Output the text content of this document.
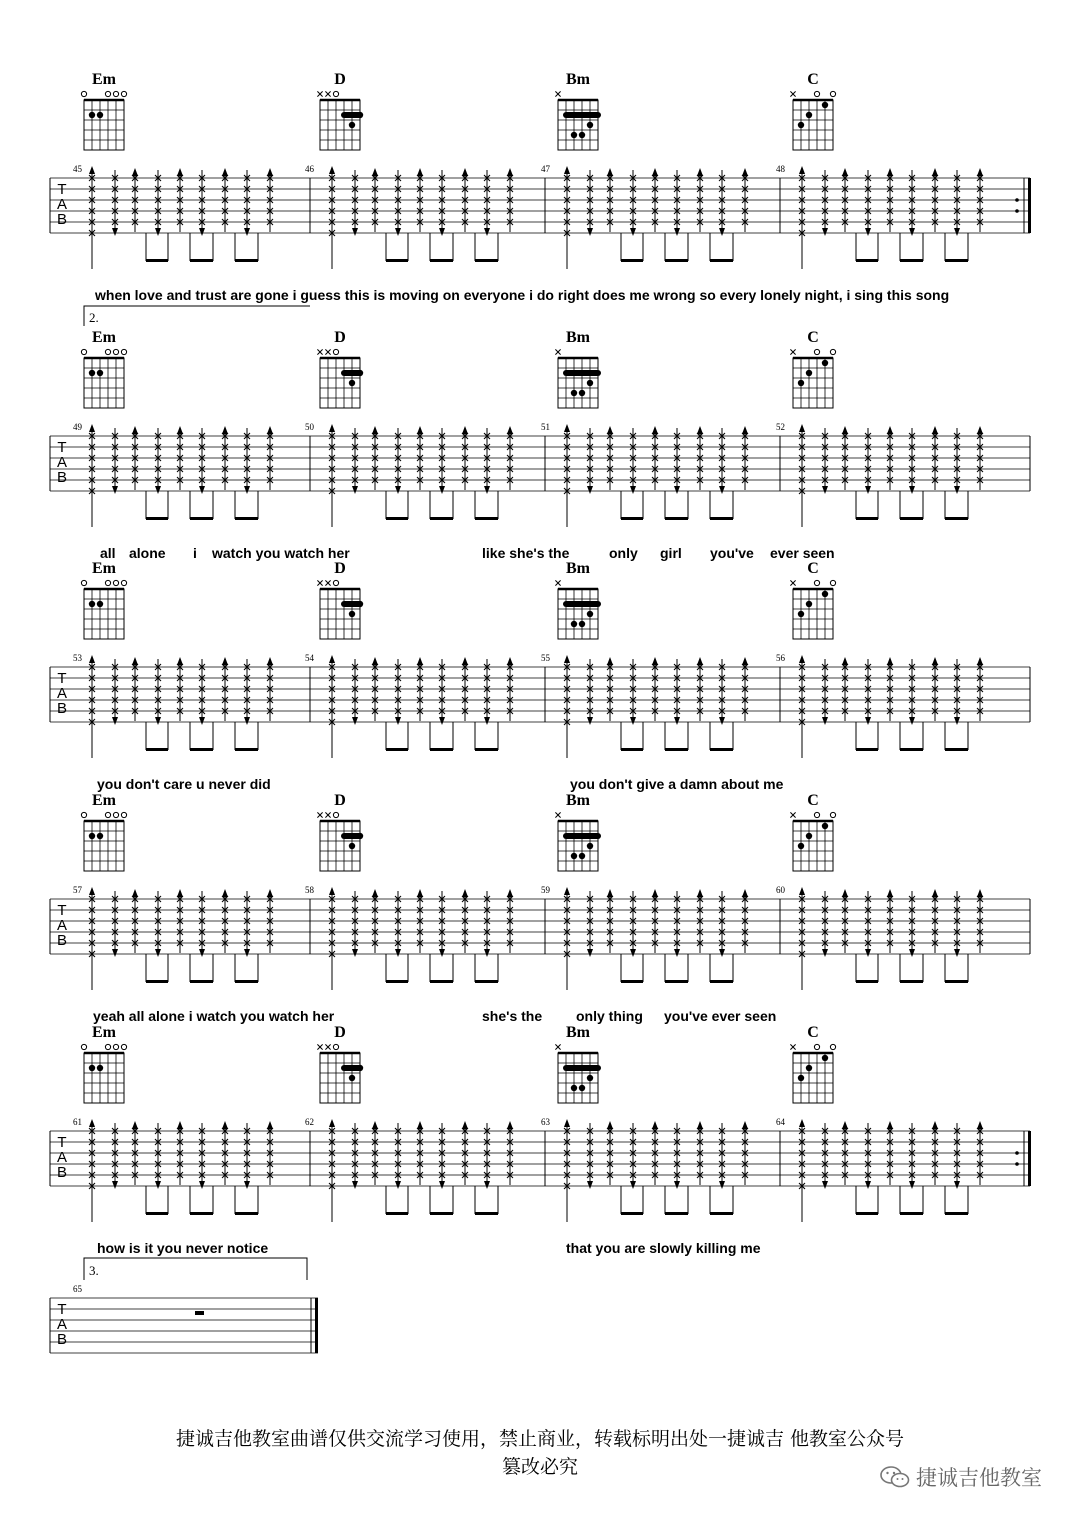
Em	D	Bm	C
T
A
B
45	46	47	48
Em	D	Bm	C
2.
T
A
B
49	50	51	52
Em	D	Bm	C
T
A
B
53	54	55	56
Em	D	Bm	C
T
A
B
57	58	59	60
Em	D	Bm	C
T
A
B
61	62	63	64
3.
T
A
B
65
when love and trust are gone i guess this is moving on everyone i do right does me wrong so every lonely night, i sing this song
all alone i watch you watch her	like she's the	only girl you've ever seen
you don't care u never did	you don't give a damn about me
yeah all alone i watch you watch her	she's the only thing you've ever seen
how is it you never notice	that you are slowly killing me
捷诚吉他教室曲谱仅供交流学习使用，禁止商业，转载标明出处一捷诚吉 他教室公众号
篡改必究	捷诚吉他教室
